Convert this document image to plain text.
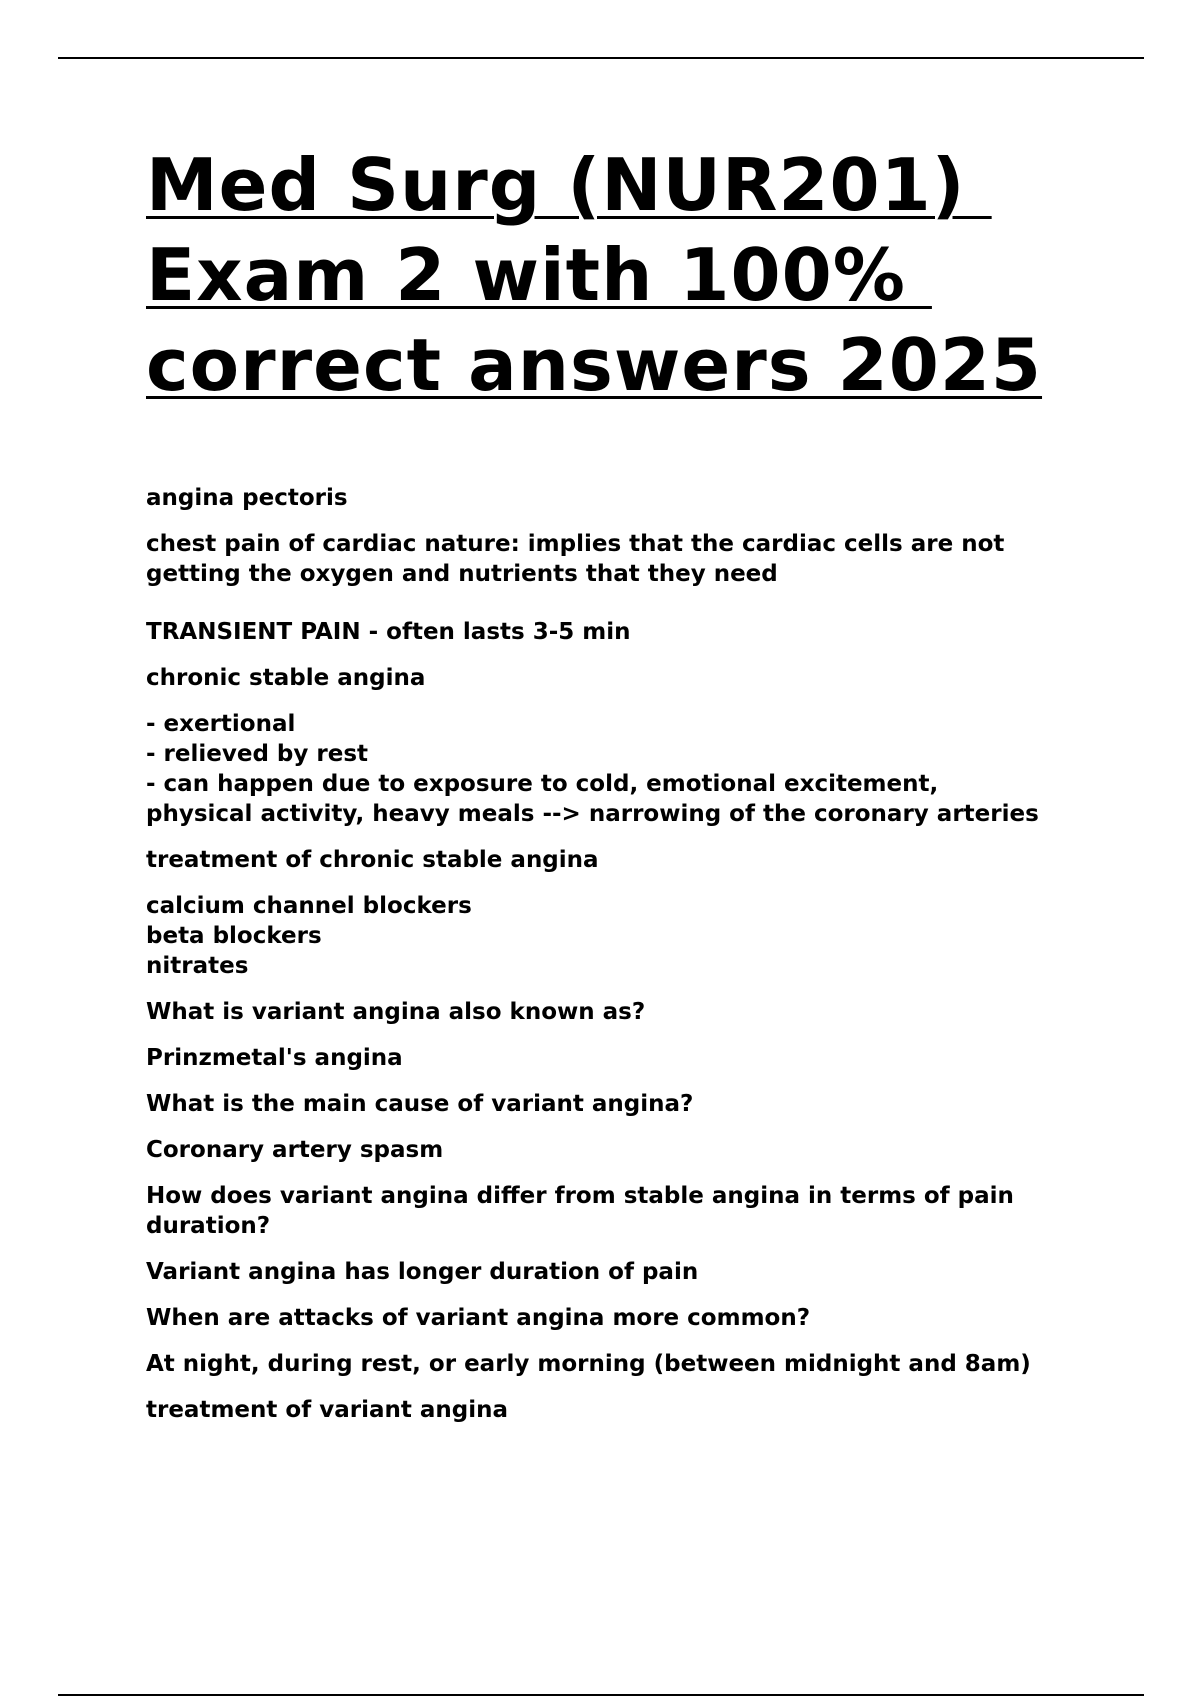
Med Surg (NUR201)
Exam 2 with 100%
correct answers 2025

angina pectoris

chest pain of cardiac nature: implies that the cardiac cells are not
getting the oxygen and nutrients that they need

TRANSIENT PAIN - often lasts 3-5 min

chronic stable angina

- exertional
- relieved by rest
- can happen due to exposure to cold, emotional excitement,
physical activity, heavy meals --> narrowing of the coronary arteries

treatment of chronic stable angina

calcium channel blockers
beta blockers
nitrates

What is variant angina also known as?

Prinzmetal's angina

What is the main cause of variant angina?

Coronary artery spasm

How does variant angina differ from stable angina in terms of pain
duration?

Variant angina has longer duration of pain

When are attacks of variant angina more common?

At night, during rest, or early morning (between midnight and 8am)

treatment of variant angina
